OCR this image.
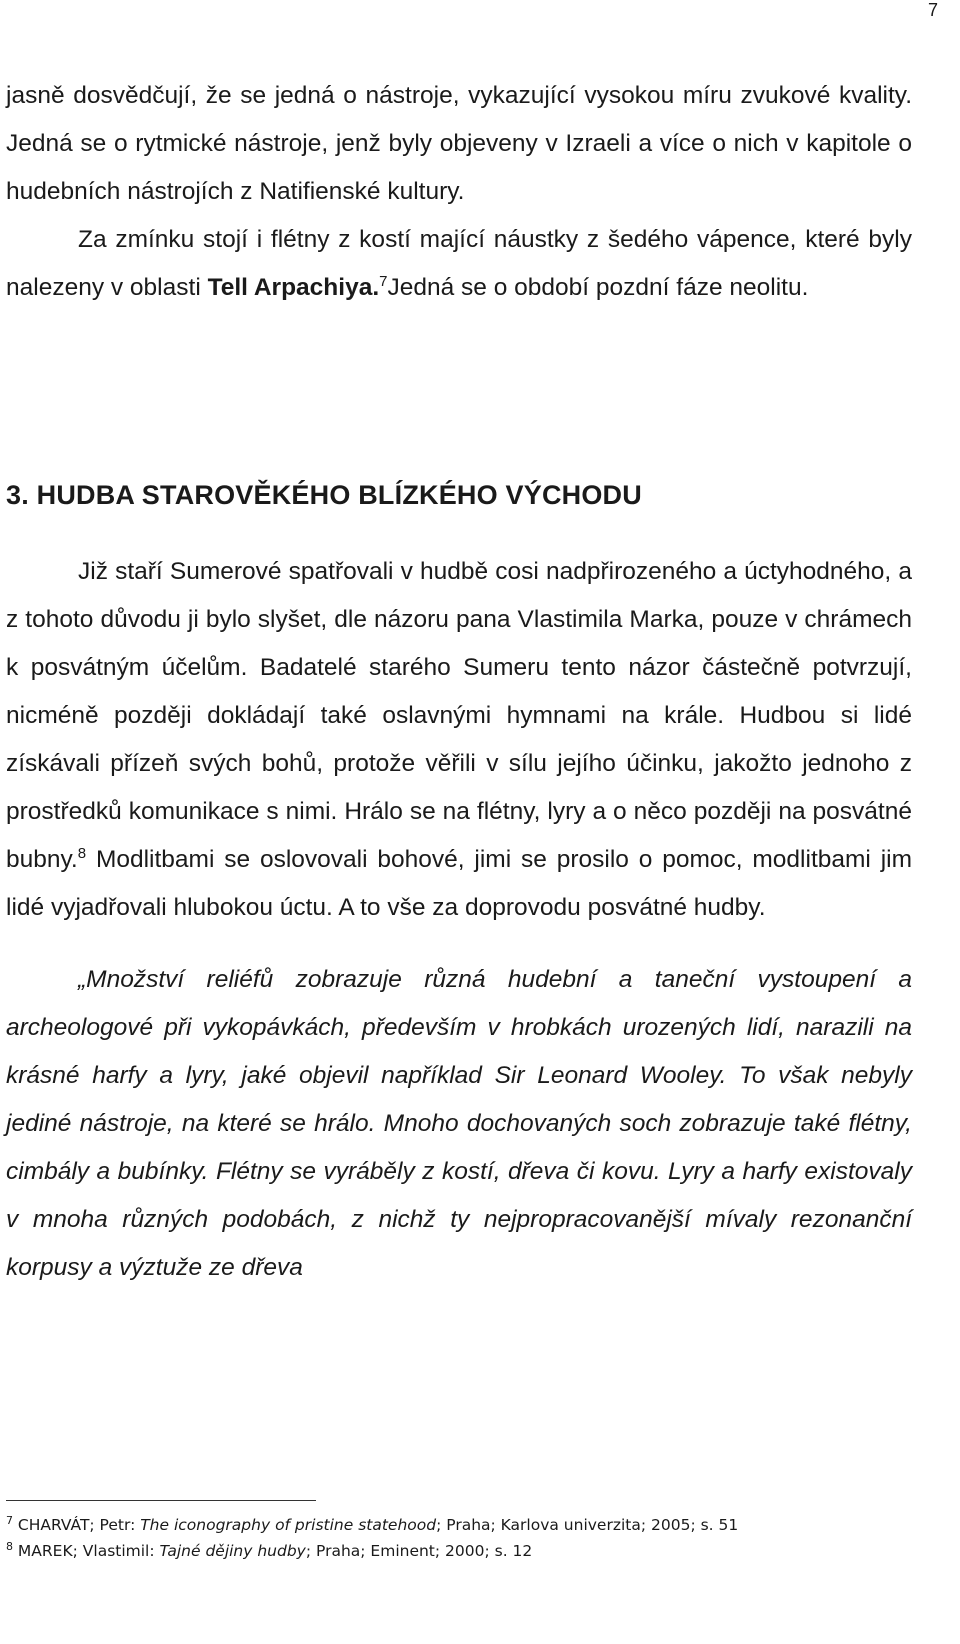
7

jasně dosvědčují, že se jedná o nástroje, vykazující vysokou míru zvukové kvality. Jedná se o rytmické nástroje, jenž byly objeveny v Izraeli a více o nich v kapitole o hudebních nástrojích z Natifienské kultury.

Za zmínku stojí i flétny z kostí mající náustky z šedého vápence, které byly nalezeny v oblasti Tell Arpachiya.$^7$Jedná se o období pozdní fáze neolitu.

3. HUDBA STAROVĚKÉHO BLÍZKÉHO VÝCHODU

Již staří Sumerové spatřovali v hudbě cosi nadpřirozeného a úctyhodného, a z tohoto důvodu ji bylo slyšet, dle názoru pana Vlastimila Marka, pouze v chrámech k posvátným účelům. Badatelé starého Sumeru tento názor částečně potvrzují, nicméně později dokládají také oslavnými hymnami na krále. Hudbou si lidé získávali přízeň svých bohů, protože věřili v sílu jejího účinku, jakožto jednoho z prostředků komunikace s nimi. Hrálo se na flétny, lyry a o něco později na posvátné bubny.$^8$ Modlitbami se oslovovali bohové, jimi se prosilo o pomoc, modlitbami jim lidé vyjadřovali hlubokou úctu. A to vše za doprovodu posvátné hudby.

„Množství reliéfů zobrazuje různá hudební a taneční vystoupení a archeologové při vykopávkách, především v hrobkách urozených lidí, narazili na krásné harfy a lyry, jaké objevil například Sir Leonard Wooley. To však nebyly jediné nástroje, na které se hrálo. Mnoho dochovaných soch zobrazuje také flétny, cimbály a bubínky. Flétny se vyráběly z kostí, dřeva či kovu. Lyry a harfy existovaly v mnoha různých podobách, z nichž ty nejpropracovanější mívaly rezonanční korpusy a výztuže ze dřeva

$^7$ CHARVÁT; Petr: The iconography of pristine statehood; Praha; Karlova univerzita; 2005; s. 51
$^8$ MAREK; Vlastimil: Tajné dějiny hudby; Praha; Eminent; 2000; s. 12
